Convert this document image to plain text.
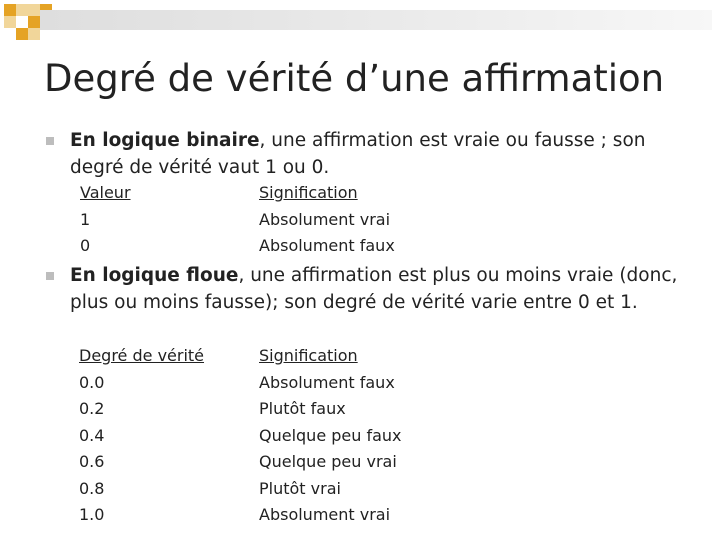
Degré de vérité d’une affirmation
En logique binaire, une affirmation est vraie ou fausse ; son degré de vérité vaut 1 ou 0.
Valeur
1
0
Signification
Absolument vrai
Absolument faux
En logique floue, une affirmation est plus ou moins vraie (donc, plus ou moins fausse); son degré de vérité varie entre 0 et 1.
Degré de vérité
0.0
0.2
0.4
0.6
0.8
1.0
Signification
Absolument faux
Plutôt faux
Quelque peu faux
Quelque peu vrai
Plutôt vrai
Absolument vrai
